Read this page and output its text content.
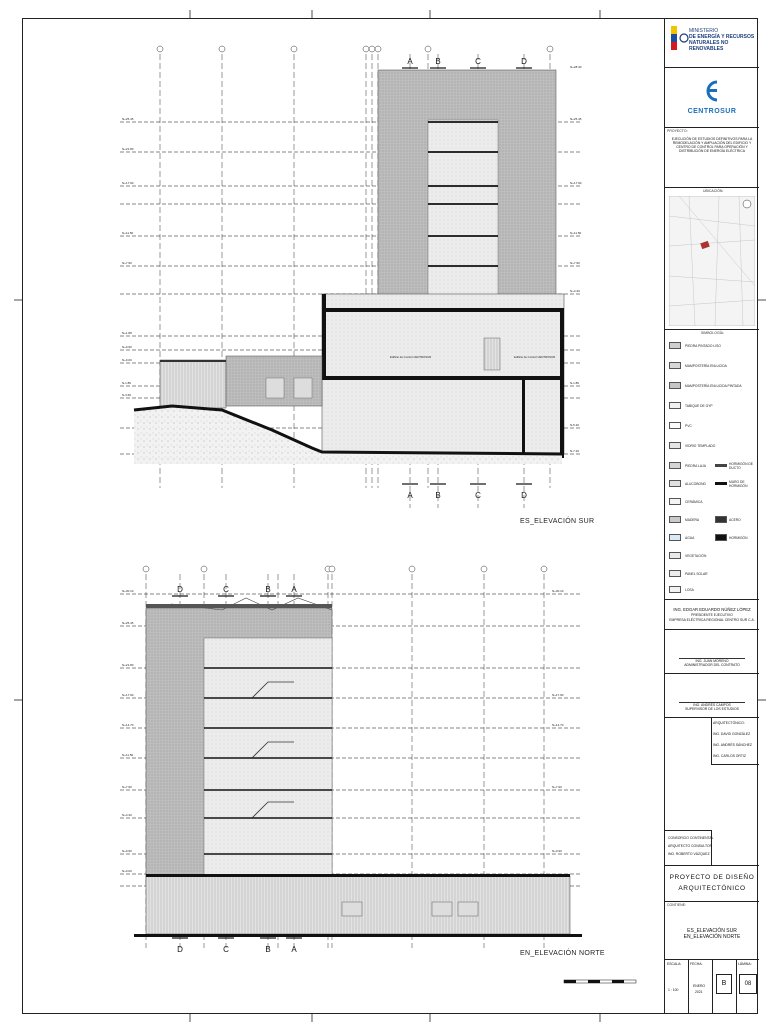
N+25.45
N+21.80
N+17.90
N+11.50
N+7.90
N+1.88
N+0.90
N+0.00
N-1.80
N-3.60
N+28.30
N+25.45
N+17.90
N+11.50
N+7.90
N+4.30
N-1.80
N-5.40
N-7.20
Edificio de Control CENTROSUR	Edificio de Control CENTROSUR
A	B	C	D
A	B	C	D
N+30.10
N+25.45
N+21.80
N+17.90
N+14.70
N+11.50
N+7.90
N+4.30
N+0.90
N+0.00
N+30.10
N+17.90
N+14.70
N+7.90
N+0.90
D	C	B	A
D	C	B	A
ES_ELEVACIÓN SUR
EN_ELEVACIÓN NORTE
MINISTERIO
DE ENERGÍA Y RECURSOS
NATURALES NO RENOVABLES
CENTROSUR
PROYECTO:
EJECUCIÓN DE ESTUDIOS DEFINITIVOS PARA LA REMODELACIÓN Y AMPLIACIÓN DEL EDIFICIO Y CENTRO DE CONTROL PARA OPERACIÓN Y DISTRIBUCIÓN DE ENERGÍA ELÉCTRICA
UBICACIÓN:
SIMBOLOGÍA:
PIEDRA PINTADO LISO
MAMPOSTERÍA ENLUCIDA
MAMPOSTERÍA ENLUCIDA PINTADA
TABIQUE DE GYP
PVC
VIDRIO TEMPLADO
PIEDRA LAJA
ALUCOBOND
CERÁMICA
MADERA
AGUA
VEGETACIÓN
PANEL SOLAR
LOSA
HORMIGÓN DE DUCTO
MURO DE HORMIGÓN
ACERO
HORMIGÓN
ING. EDGAR EDUARDO NÚÑEZ LÓPEZ
PRESIDENTE EJECUTIVO
EMPRESA ELÉCTRICA REGIONAL CENTRO SUR C.A.
ING. JUAN MORENO
ADMINISTRADOR DEL CONTRATO
ING. ANDRÉS CAMPOS
SUPERVISOR DE LOS ESTUDIOS
ARQUITECTÓNICO:
ING. DAVID GONZÁLEZ
ING. ANDRÉS SÁNCHEZ
ING. CARLOS ORTIZ
CONSORCIO CONTINENTAL
ARQUITECTO CONSULTOR
ING. ROBERTO VÁZQUEZ
PROYECTO DE DISEÑO
ARQUITECTÓNICO
CONTIENE:
ES_ELEVACIÓN SUR
EN_ELEVACIÓN NORTE
ESCALA:
1 : 100
FECHA:
ENERO
2021
B
LÁMINA:
08
